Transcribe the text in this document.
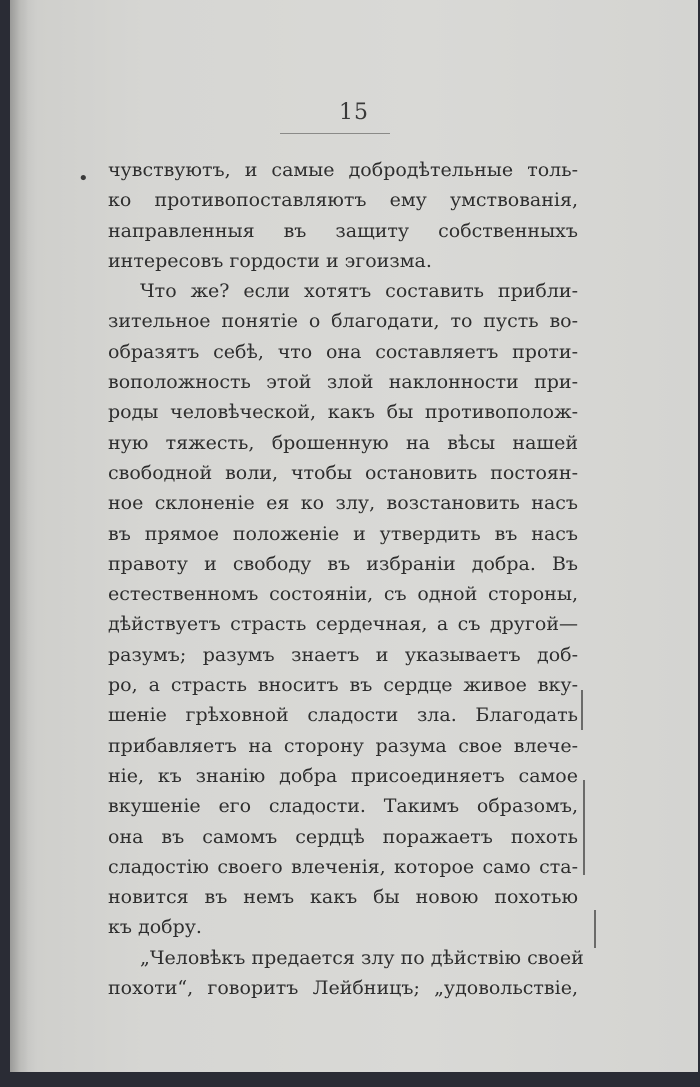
15
• чувствуютъ, и самые добродѣтельные толь-
ко противопоставляютъ ему умствованія,
направленныя въ защиту собственныхъ
интересовъ гордости и эгоизма.
Что же? если хотятъ составить прибли-
зительное понятіе о благодати, то пусть во-
образятъ себѣ, что она составляетъ проти-
воположность этой злой наклонности при-
роды человѣческой, какъ бы противополож-
ную тяжесть, брошенную на вѣсы нашей
свободной воли, чтобы остановить постоян-
ное склоненіе ея ко злу, возстановить насъ
въ прямое положеніе и утвердить въ насъ
правоту и свободу въ избраніи добра. Въ
естественномъ состояніи, съ одной стороны,
дѣйствуетъ страсть сердечная, а съ другой—
разумъ; разумъ знаетъ и указываетъ доб-
ро, а страсть вноситъ въ сердце живое вку-
шеніе грѣховной сладости зла. Благодать
прибавляетъ на сторону разума свое влече-
ніе, къ знанію добра присоединяетъ самое
вкушеніе его сладости. Такимъ образомъ,
она въ самомъ сердцѣ поражаетъ похоть
сладостію своего влеченія, которое само ста-
новится въ немъ какъ бы новою похотью
къ добру.
„Человѣкъ предается злу по дѣйствію своей
похоти“, говоритъ Лейбницъ; „удовольствіе,
